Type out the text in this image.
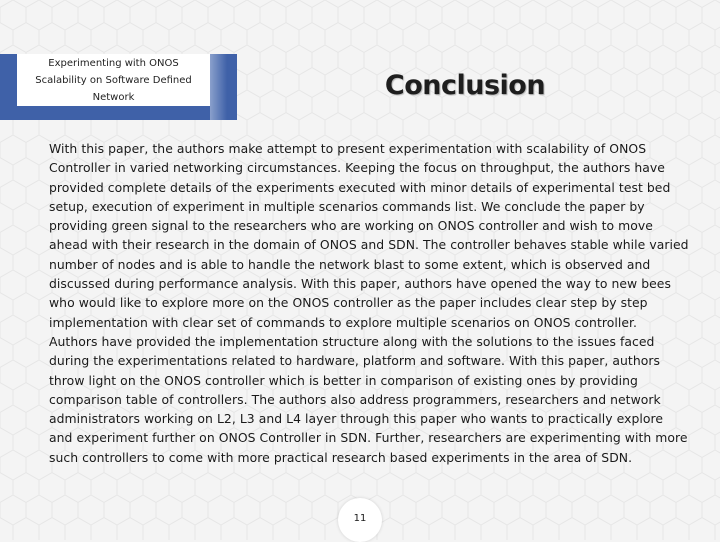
Experimenting with ONOS Scalability on Software Defined Network	Conclusion

With this paper, the authors make attempt to present experimentation with scalability of ONOS Controller in varied networking circumstances. Keeping the focus on throughput, the authors have provided complete details of the experiments executed with minor details of experimental test bed setup, execution of experiment in multiple scenarios commands list. We conclude the paper by providing green signal to the researchers who are working on ONOS controller and wish to move ahead with their research in the domain of ONOS and SDN. The controller behaves stable while varied number of nodes and is able to handle the network blast to some extent, which is observed and discussed during performance analysis. With this paper, authors have opened the way to new bees who would like to explore more on the ONOS controller as the paper includes clear step by step implementation with clear set of commands to explore multiple scenarios on ONOS controller. Authors have provided the implementation structure along with the solutions to the issues faced during the experimentations related to hardware, platform and software. With this paper, authors throw light on the ONOS controller which is better in comparison of existing ones by providing comparison table of controllers. The authors also address programmers, researchers and network administrators working on L2, L3 and L4 layer through this paper who wants to practically explore and experiment further on ONOS Controller in SDN. Further, researchers are experimenting with more such controllers to come with more practical research based experiments in the area of SDN.

11
